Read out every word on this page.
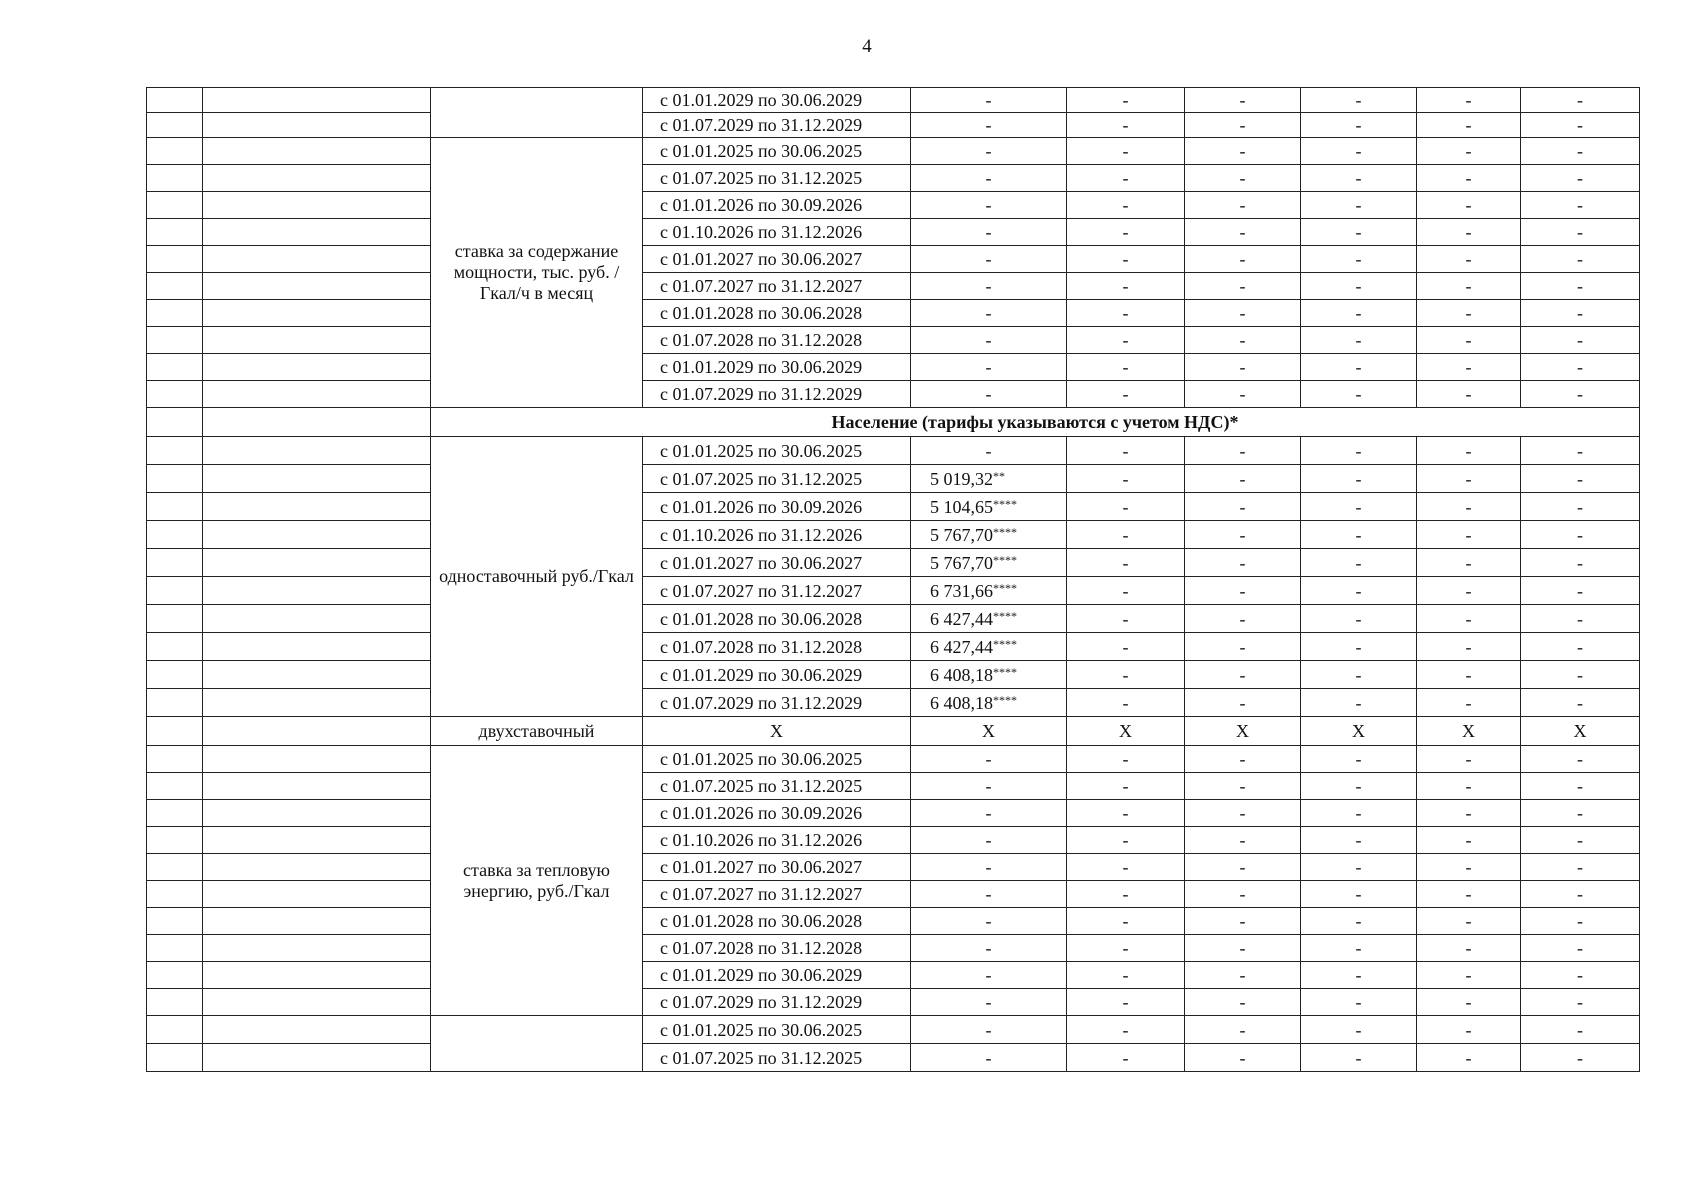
4
			с 01.01.2029 по 30.06.2029	-	-	-	-	-	-
			с 01.07.2029 по 31.12.2029	-	-	-	-	-	-
		ставка за содержание мощности, тыс. руб. /Гкал/ч в месяц	с 01.01.2025 по 30.06.2025	-	-	-	-	-	-
			с 01.07.2025 по 31.12.2025	-	-	-	-	-	-
			с 01.01.2026 по 30.09.2026	-	-	-	-	-	-
			с 01.10.2026 по 31.12.2026	-	-	-	-	-	-
			с 01.01.2027 по 30.06.2027	-	-	-	-	-	-
			с 01.07.2027 по 31.12.2027	-	-	-	-	-	-
			с 01.01.2028 по 30.06.2028	-	-	-	-	-	-
			с 01.07.2028 по 31.12.2028	-	-	-	-	-	-
			с 01.01.2029 по 30.06.2029	-	-	-	-	-	-
			с 01.07.2029 по 31.12.2029	-	-	-	-	-	-
		Население (тарифы указываются с учетом НДС)*							
		одноставочный руб./Гкал	с 01.01.2025 по 30.06.2025	-	-	-	-	-	-
			с 01.07.2025 по 31.12.2025	5 019,32**	-	-	-	-	-
			с 01.01.2026 по 30.09.2026	5 104,65****	-	-	-	-	-
			с 01.10.2026 по 31.12.2026	5 767,70****	-	-	-	-	-
			с 01.01.2027 по 30.06.2027	5 767,70****	-	-	-	-	-
			с 01.07.2027 по 31.12.2027	6 731,66****	-	-	-	-	-
			с 01.01.2028 по 30.06.2028	6 427,44****	-	-	-	-	-
			с 01.07.2028 по 31.12.2028	6 427,44****	-	-	-	-	-
			с 01.01.2029 по 30.06.2029	6 408,18****	-	-	-	-	-
			с 01.07.2029 по 31.12.2029	6 408,18****	-	-	-	-	-
		двухставочный	Х	Х	Х	Х	Х	Х	Х
		ставка за тепловую энергию, руб./Гкал	с 01.01.2025 по 30.06.2025	-	-	-	-	-	-
			с 01.07.2025 по 31.12.2025	-	-	-	-	-	-
			с 01.01.2026 по 30.09.2026	-	-	-	-	-	-
			с 01.10.2026 по 31.12.2026	-	-	-	-	-	-
			с 01.01.2027 по 30.06.2027	-	-	-	-	-	-
			с 01.07.2027 по 31.12.2027	-	-	-	-	-	-
			с 01.01.2028 по 30.06.2028	-	-	-	-	-	-
			с 01.07.2028 по 31.12.2028	-	-	-	-	-	-
			с 01.01.2029 по 30.06.2029	-	-	-	-	-	-
			с 01.07.2029 по 31.12.2029	-	-	-	-	-	-
			с 01.01.2025 по 30.06.2025	-	-	-	-	-	-
			с 01.07.2025 по 31.12.2025	-	-	-	-	-	-
